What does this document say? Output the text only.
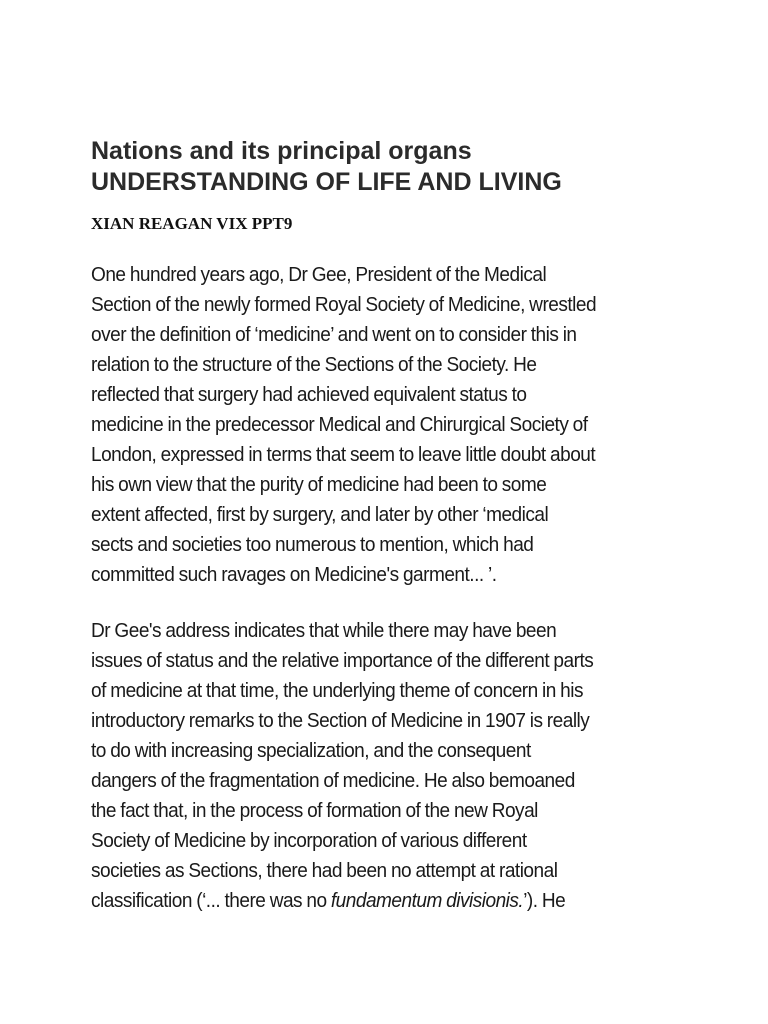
Nations and its principal organs
UNDERSTANDING OF LIFE AND LIVING

XIAN REAGAN VIX PPT9

One hundred years ago, Dr Gee, President of the Medical
Section of the newly formed Royal Society of Medicine, wrestled
over the definition of ‘medicine’ and went on to consider this in
relation to the structure of the Sections of the Society. He
reflected that surgery had achieved equivalent status to
medicine in the predecessor Medical and Chirurgical Society of
London, expressed in terms that seem to leave little doubt about
his own view that the purity of medicine had been to some
extent affected, first by surgery, and later by other ‘medical
sects and societies too numerous to mention, which had
committed such ravages on Medicine's garment... ’.

Dr Gee's address indicates that while there may have been
issues of status and the relative importance of the different parts
of medicine at that time, the underlying theme of concern in his
introductory remarks to the Section of Medicine in 1907 is really
to do with increasing specialization, and the consequent
dangers of the fragmentation of medicine. He also bemoaned
the fact that, in the process of formation of the new Royal
Society of Medicine by incorporation of various different
societies as Sections, there had been no attempt at rational
classification (‘... there was no fundamentum divisionis.’). He
